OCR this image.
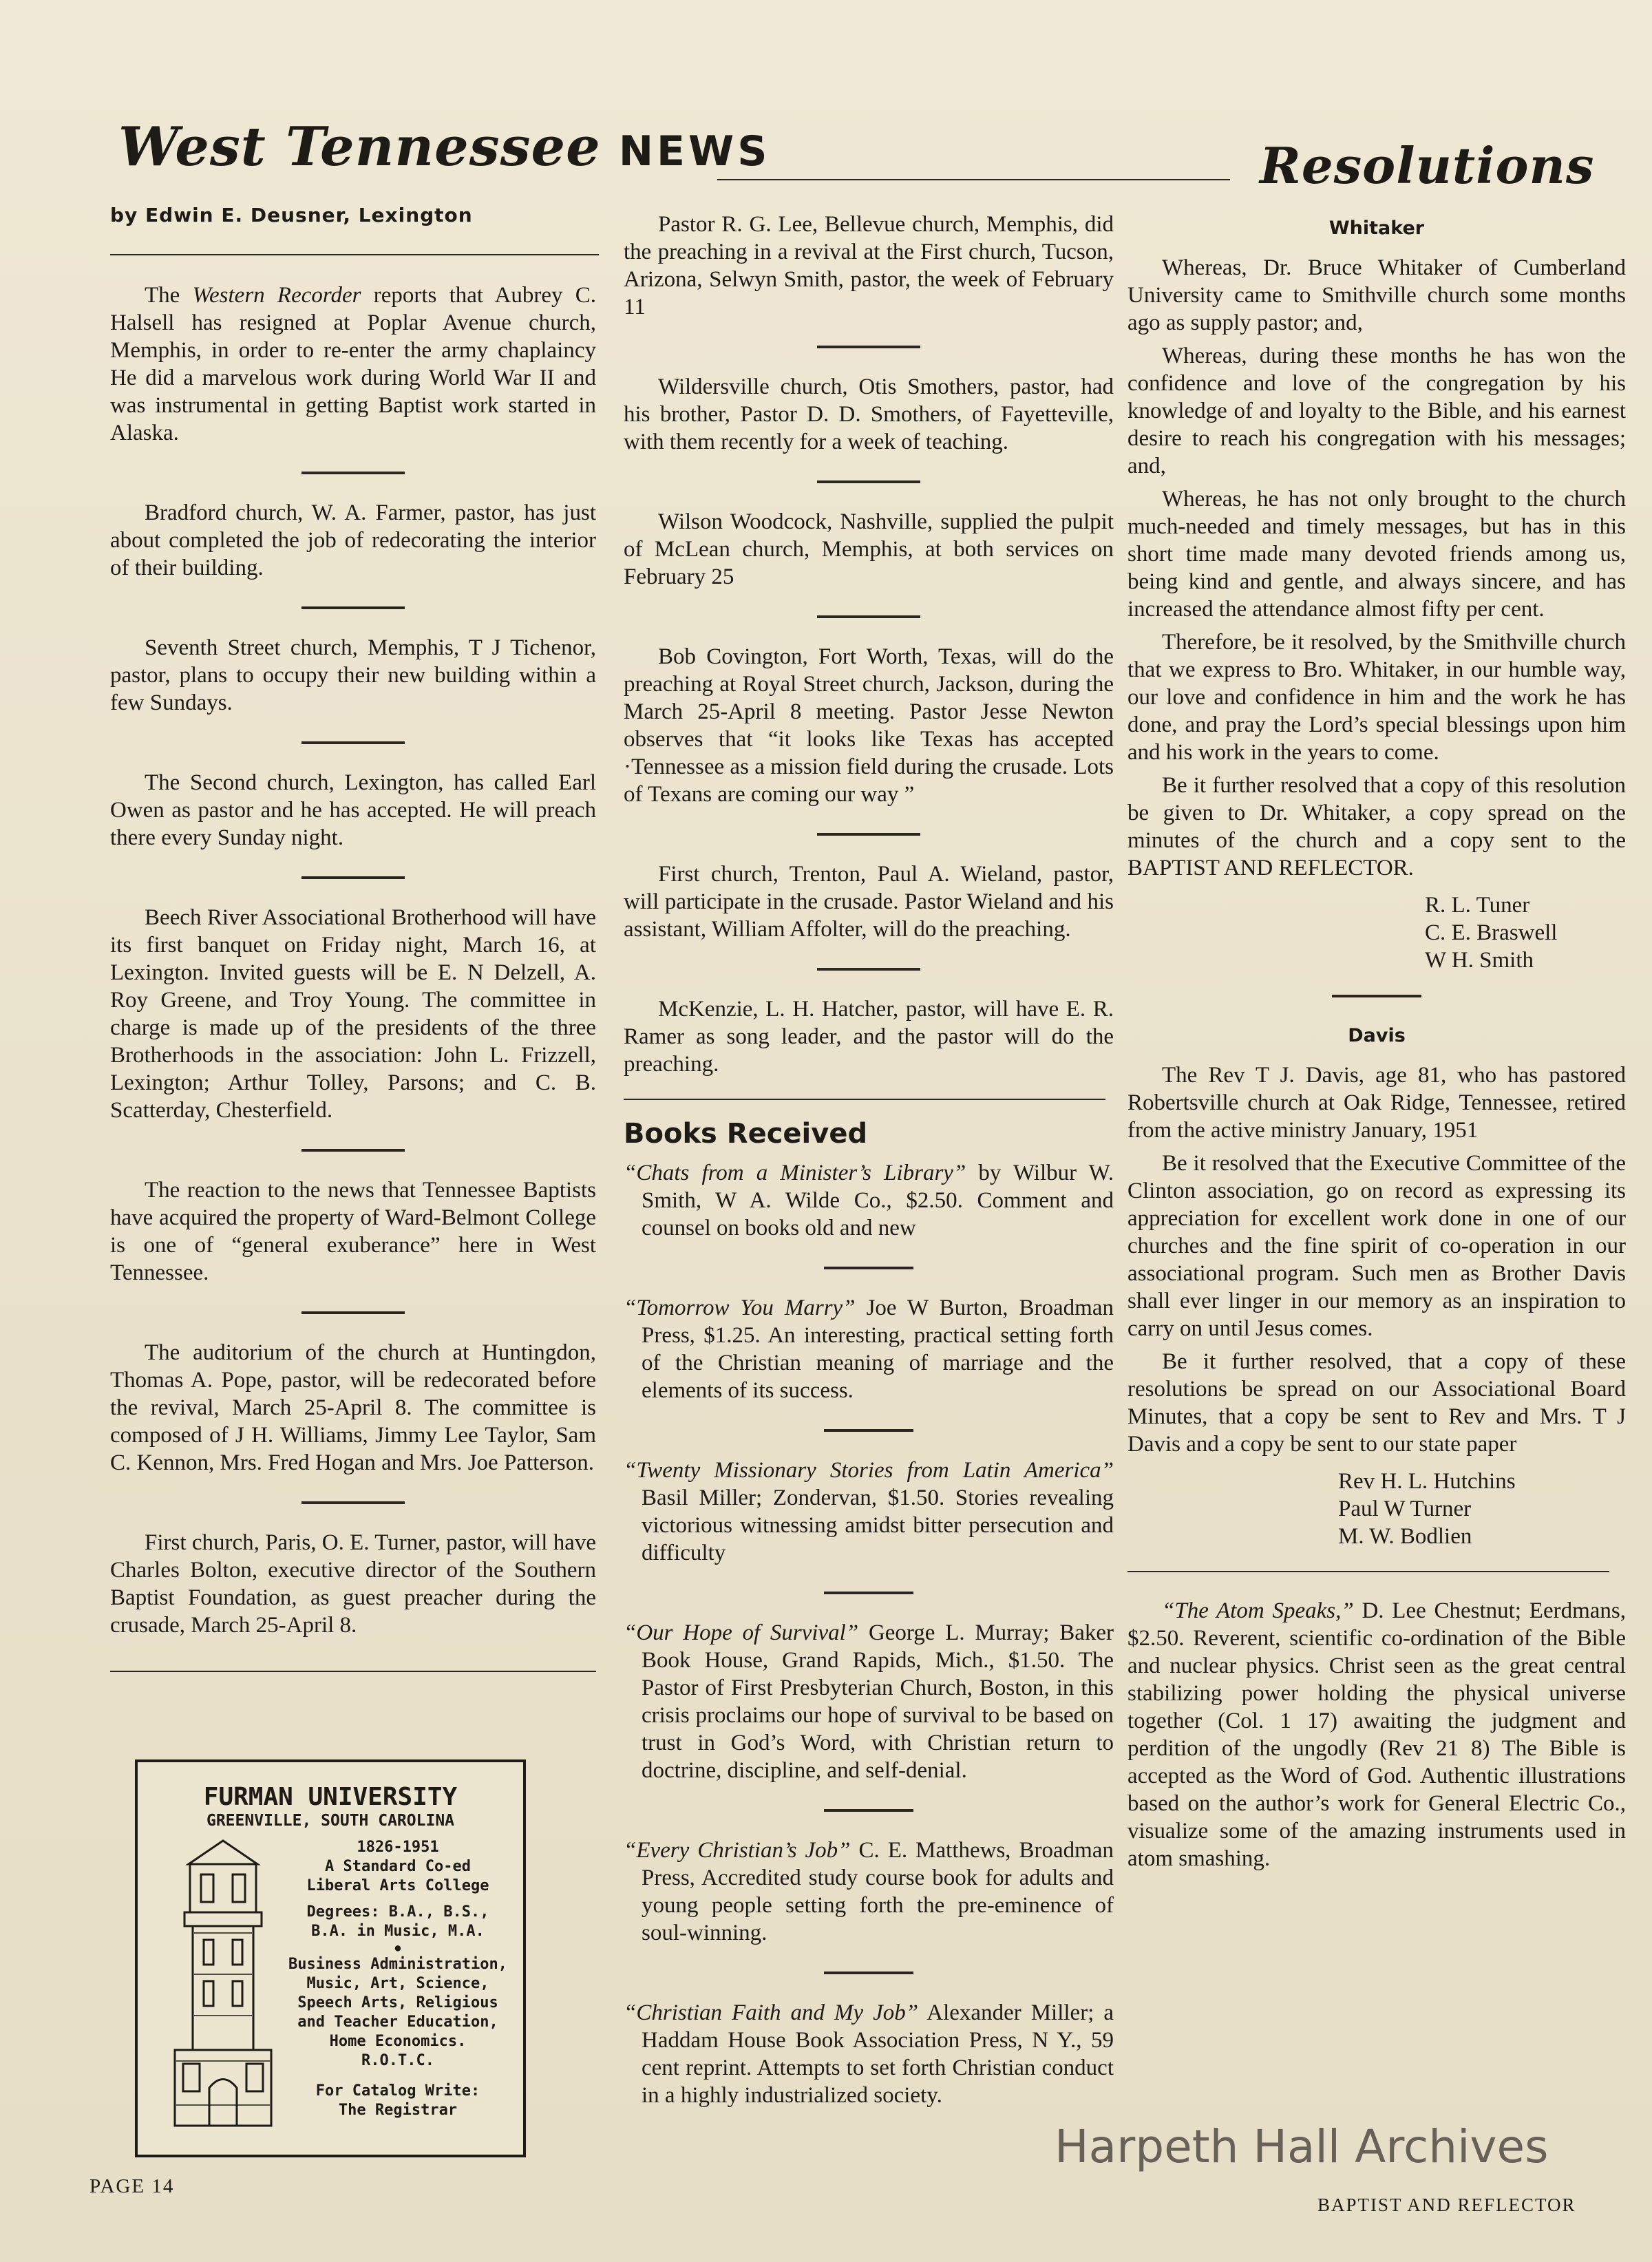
West Tennessee NEWS	Resolutions
by Edwin E. Deusner, Lexington

The Western Recorder reports that Aubrey C. Halsell has resigned at Poplar Avenue church, Memphis, in order to re-enter the army chaplaincy He did a marvelous work during World War II and was instrumental in getting Baptist work started in Alaska.

Bradford church, W. A. Farmer, pastor, has just about completed the job of redecorating the interior of their building.

Seventh Street church, Memphis, T J Tichenor, pastor, plans to occupy their new building within a few Sundays.

The Second church, Lexington, has called Earl Owen as pastor and he has accepted. He will preach there every Sunday night.

Beech River Associational Brotherhood will have its first banquet on Friday night, March 16, at Lexington. Invited guests will be E. N Delzell, A. Roy Greene, and Troy Young. The committee in charge is made up of the presidents of the three Brotherhoods in the association: John L. Frizzell, Lexington; Arthur Tolley, Parsons; and C. B. Scatterday, Chesterfield.

The reaction to the news that Tennessee Baptists have acquired the property of Ward-Belmont College is one of “general exuberance” here in West Tennessee.

The auditorium of the church at Huntingdon, Thomas A. Pope, pastor, will be redecorated before the revival, March 25-April 8. The committee is composed of J H. Williams, Jimmy Lee Taylor, Sam C. Kennon, Mrs. Fred Hogan and Mrs. Joe Patterson.

First church, Paris, O. E. Turner, pastor, will have Charles Bolton, executive director of the Southern Baptist Foundation, as guest preacher during the crusade, March 25-April 8.

FURMAN UNIVERSITY
GREENVILLE, SOUTH CAROLINA
1826-1951
A Standard Co-ed
Liberal Arts College
Degrees: B.A., B.S.,
B.A. in Music, M.A.
●
Business Administration,
Music, Art, Science,
Speech Arts, Religious
and Teacher Education,
Home Economics.
R.O.T.C.
For Catalog Write:
The Registrar

Pastor R. G. Lee, Bellevue church, Memphis, did the preaching in a revival at the First church, Tucson, Arizona, Selwyn Smith, pastor, the week of February 11

Wildersville church, Otis Smothers, pastor, had his brother, Pastor D. D. Smothers, of Fayetteville, with them recently for a week of teaching.

Wilson Woodcock, Nashville, supplied the pulpit of McLean church, Memphis, at both services on February 25

Bob Covington, Fort Worth, Texas, will do the preaching at Royal Street church, Jackson, during the March 25-April 8 meeting. Pastor Jesse Newton observes that “it looks like Texas has accepted ·Tennessee as a mission field during the crusade. Lots of Texans are coming our way ”

First church, Trenton, Paul A. Wieland, pastor, will participate in the crusade. Pastor Wieland and his assistant, William Affolter, will do the preaching.

McKenzie, L. H. Hatcher, pastor, will have E. R. Ramer as song leader, and the pastor will do the preaching.

Books Received

“Chats from a Minister’s Library” by Wilbur W. Smith, W A. Wilde Co., $2.50. Comment and counsel on books old and new

“Tomorrow You Marry” Joe W Burton, Broadman Press, $1.25. An interesting, practical setting forth of the Christian meaning of marriage and the elements of its success.

“Twenty Missionary Stories from Latin America” Basil Miller; Zondervan, $1.50. Stories revealing victorious witnessing amidst bitter persecution and difficulty

“Our Hope of Survival” George L. Murray; Baker Book House, Grand Rapids, Mich., $1.50. The Pastor of First Presbyterian Church, Boston, in this crisis proclaims our hope of survival to be based on trust in God’s Word, with Christian return to doctrine, discipline, and self-denial.

“Every Christian’s Job” C. E. Matthews, Broadman Press, Accredited study course book for adults and young people setting forth the pre-eminence of soul-winning.

“Christian Faith and My Job” Alexander Miller; a Haddam House Book Association Press, N Y., 59 cent reprint. Attempts to set forth Christian conduct in a highly industrialized society.

Whitaker

Whereas, Dr. Bruce Whitaker of Cumberland University came to Smithville church some months ago as supply pastor; and,

Whereas, during these months he has won the confidence and love of the congregation by his knowledge of and loyalty to the Bible, and his earnest desire to reach his congregation with his messages; and,

Whereas, he has not only brought to the church much-needed and timely messages, but has in this short time made many devoted friends among us, being kind and gentle, and always sincere, and has increased the attendance almost fifty per cent.

Therefore, be it resolved, by the Smithville church that we express to Bro. Whitaker, in our humble way, our love and confidence in him and the work he has done, and pray the Lord’s special blessings upon him and his work in the years to come.

Be it further resolved that a copy of this resolution be given to Dr. Whitaker, a copy spread on the minutes of the church and a copy sent to the BAPTIST AND REFLECTOR.

R. L. Tuner
C. E. Braswell
W H. Smith
Davis

The Rev T J. Davis, age 81, who has pastored Robertsville church at Oak Ridge, Tennessee, retired from the active ministry January, 1951

Be it resolved that the Executive Committee of the Clinton association, go on record as expressing its appreciation for excellent work done in one of our churches and the fine spirit of co-operation in our associational program. Such men as Brother Davis shall ever linger in our memory as an inspiration to carry on until Jesus comes.

Be it further resolved, that a copy of these resolutions be spread on our Associational Board Minutes, that a copy be sent to Rev and Mrs. T J Davis and a copy be sent to our state paper

Rev H. L. Hutchins
Paul W Turner
M. W. Bodlien

“The Atom Speaks,” D. Lee Chestnut; Eerdmans, $2.50. Reverent, scientific co-ordination of the Bible and nuclear physics. Christ seen as the great central stabilizing power holding the physical universe together (Col. 1 17) awaiting the judgment and perdition of the ungodly (Rev 21 8) The Bible is accepted as the Word of God. Authentic illustrations based on the author’s work for General Electric Co., visualize some of the amazing instruments used in atom smashing.

PAGE 14
BAPTIST AND REFLECTOR
Harpeth Hall Archives
